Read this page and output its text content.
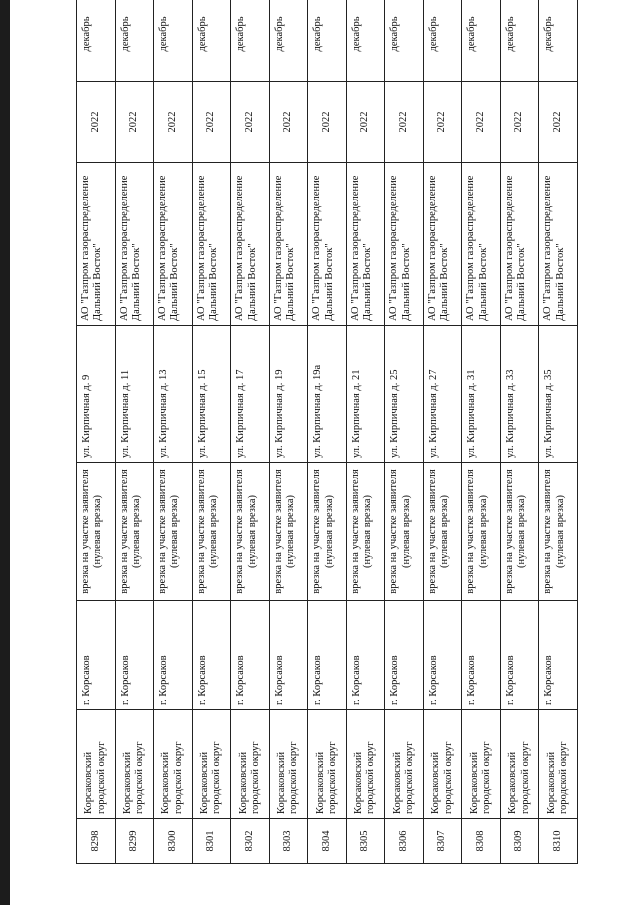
8298	Корсаковский городской округ	г. Корсаков	врезка на участке заявителя (нулевая врезка)	ул. Кирпичная д. 9	АО "Газпром газораспределение Дальний Восток"	2022	декабрь
8299	Корсаковский городской округ	г. Корсаков	врезка на участке заявителя (нулевая врезка)	ул. Кирпичная д. 11	АО "Газпром газораспределение Дальний Восток"	2022	декабрь
8300	Корсаковский городской округ	г. Корсаков	врезка на участке заявителя (нулевая врезка)	ул. Кирпичная д. 13	АО "Газпром газораспределение Дальний Восток"	2022	декабрь
8301	Корсаковский городской округ	г. Корсаков	врезка на участке заявителя (нулевая врезка)	ул. Кирпичная д. 15	АО "Газпром газораспределение Дальний Восток"	2022	декабрь
8302	Корсаковский городской округ	г. Корсаков	врезка на участке заявителя (нулевая врезка)	ул. Кирпичная д. 17	АО "Газпром газораспределение Дальний Восток"	2022	декабрь
8303	Корсаковский городской округ	г. Корсаков	врезка на участке заявителя (нулевая врезка)	ул. Кирпичная д. 19	АО "Газпром газораспределение Дальний Восток"	2022	декабрь
8304	Корсаковский городской округ	г. Корсаков	врезка на участке заявителя (нулевая врезка)	ул. Кирпичная д. 19а	АО "Газпром газораспределение Дальний Восток"	2022	декабрь
8305	Корсаковский городской округ	г. Корсаков	врезка на участке заявителя (нулевая врезка)	ул. Кирпичная д. 21	АО "Газпром газораспределение Дальний Восток"	2022	декабрь
8306	Корсаковский городской округ	г. Корсаков	врезка на участке заявителя (нулевая врезка)	ул. Кирпичная д. 25	АО "Газпром газораспределение Дальний Восток"	2022	декабрь
8307	Корсаковский городской округ	г. Корсаков	врезка на участке заявителя (нулевая врезка)	ул. Кирпичная д. 27	АО "Газпром газораспределение Дальний Восток"	2022	декабрь
8308	Корсаковский городской округ	г. Корсаков	врезка на участке заявителя (нулевая врезка)	ул. Кирпичная д. 31	АО "Газпром газораспределение Дальний Восток"	2022	декабрь
8309	Корсаковский городской округ	г. Корсаков	врезка на участке заявителя (нулевая врезка)	ул. Кирпичная д. 33	АО "Газпром газораспределение Дальний Восток"	2022	декабрь
8310	Корсаковский городской округ	г. Корсаков	врезка на участке заявителя (нулевая врезка)	ул. Кирпичная д. 35	АО "Газпром газораспределение Дальний Восток"	2022	декабрь
